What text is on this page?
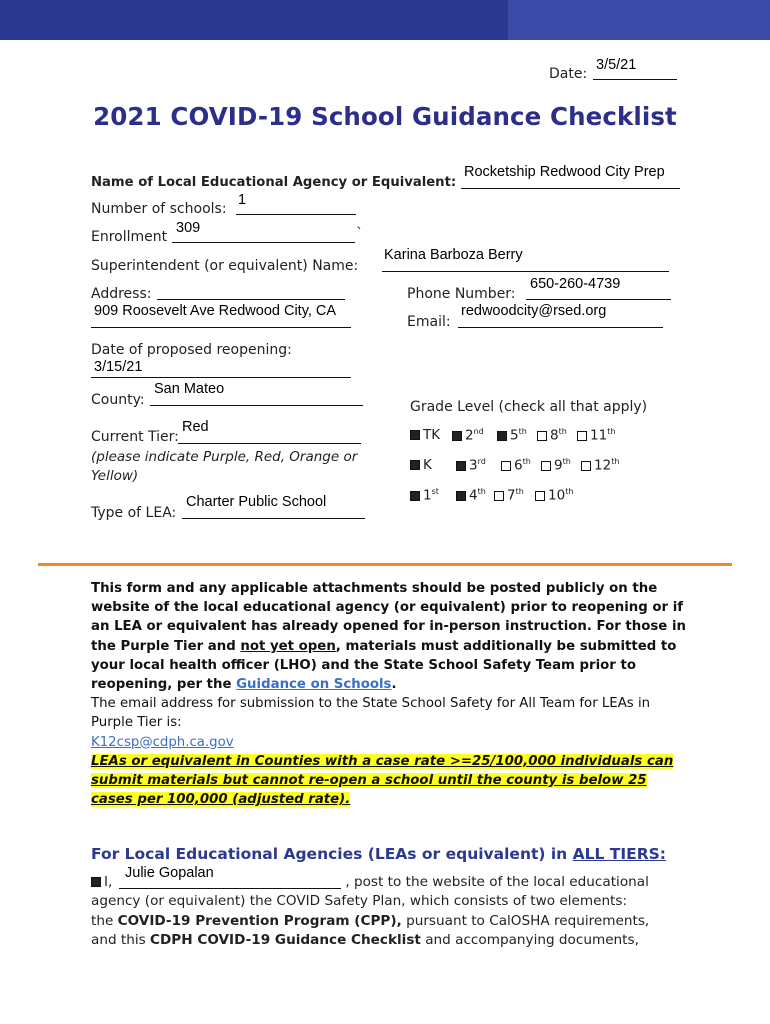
Date:
3/5/21
2021 COVID-19 School Guidance Checklist
Name of Local Educational Agency or Equivalent:
Rocketship Redwood City Prep
Number of schools:
1
Enrollment
309	`
Superintendent (or equivalent) Name:
Karina Barboza Berry
Address:
909 Roosevelt Ave Redwood City, CA
Phone Number:
650-260-4739
Email:
redwoodcity@rsed.org
Date of proposed reopening:
3/15/21
County:
San Mateo
Current Tier:
Red
(please indicate Purple, Red, Orange or Yellow)
Type of LEA:
Charter Public School
Grade Level (check all that apply)
TK	2nd	5th	8th	11th
K	3rd	6th	9th	12th
1st	4th	7th	10th
This form and any applicable attachments should be posted publicly on the website of the local educational agency (or equivalent) prior to reopening or if an LEA or equivalent has already opened for in-person instruction. For those in the Purple Tier and not yet open, materials must additionally be submitted to your local health officer (LHO) and the State School Safety Team prior to reopening, per the Guidance on Schools.
The email address for submission to the State School Safety for All Team for LEAs in Purple Tier is:
K12csp@cdph.ca.gov
LEAs or equivalent in Counties with a case rate >=25/100,000 individuals can submit materials but cannot re-open a school until the county is below 25 cases per 100,000 (adjusted rate).
For Local Educational Agencies (LEAs or equivalent) in ALL TIERS:
Julie Gopalan
I,	, post to the website of the local educational
agency (or equivalent) the COVID Safety Plan, which consists of two elements:
the COVID-19 Prevention Program (CPP), pursuant to CalOSHA requirements,
and this CDPH COVID-19 Guidance Checklist and accompanying documents,
